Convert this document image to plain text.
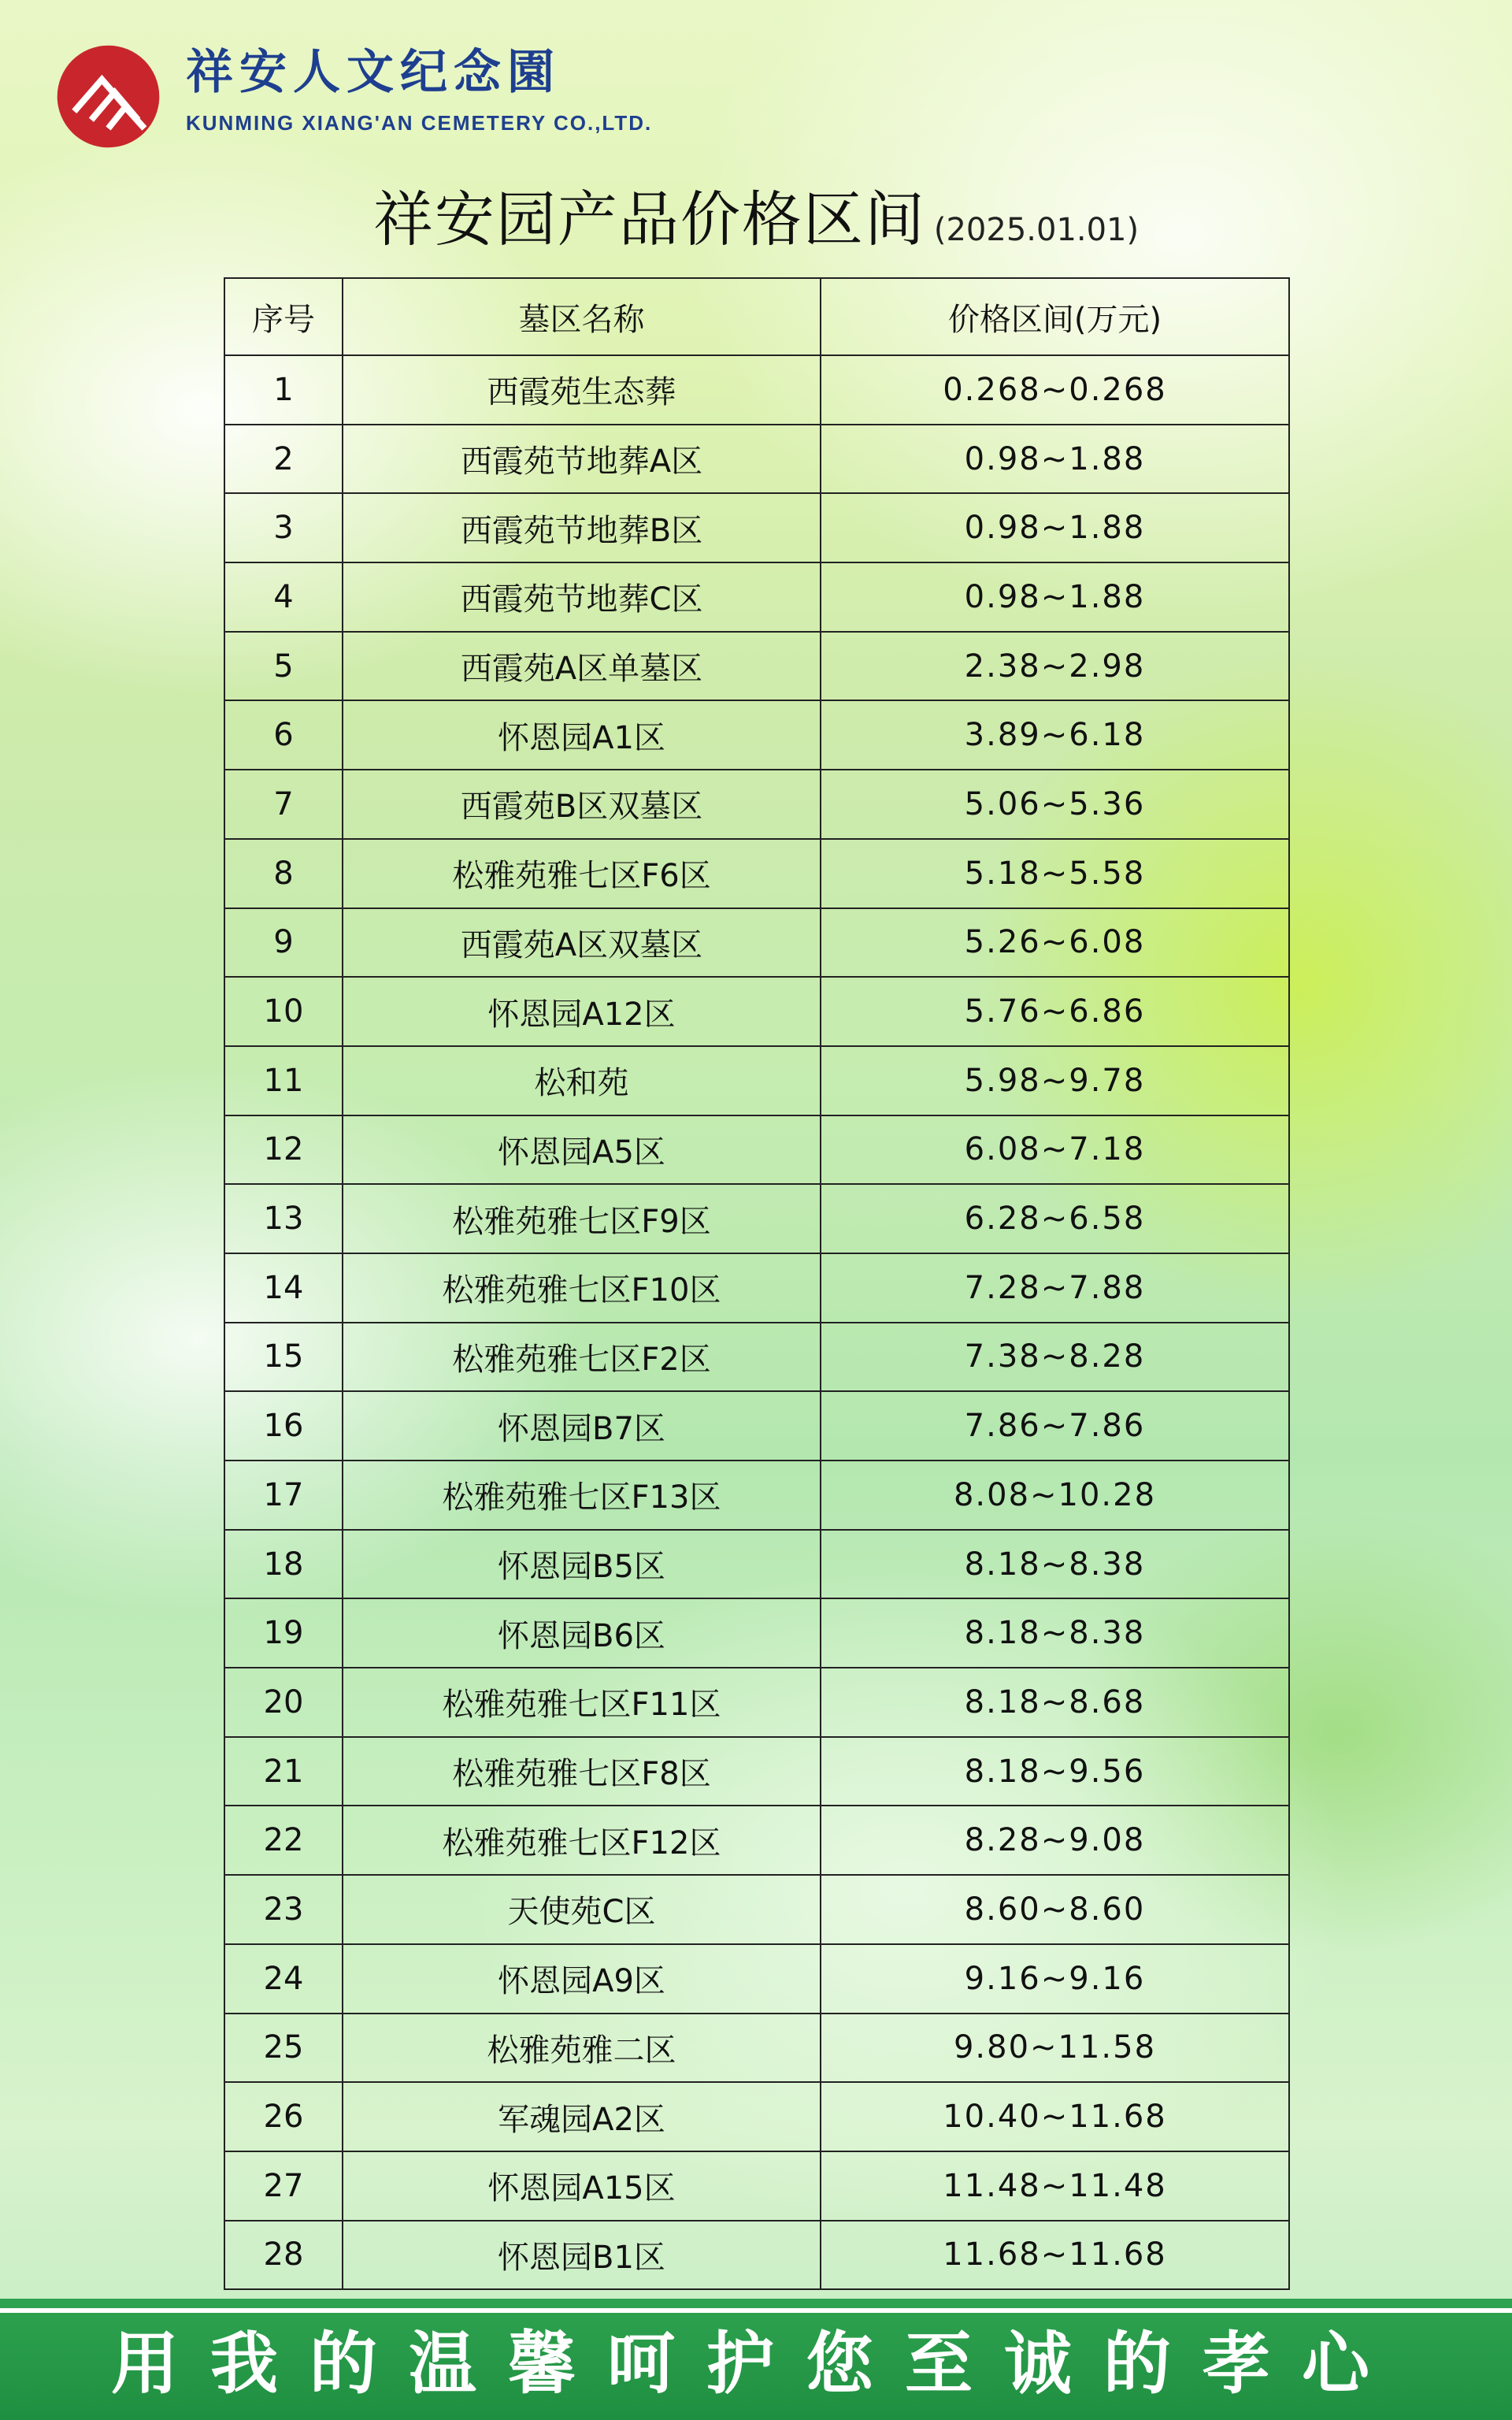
祥安人文纪念園
KUNMING XIANG'AN CEMETERY CO.,LTD.
祥安园产品价格区间 (2025.01.01)
序号	墓区名称	价格区间(万元)
1	西霞苑生态葬	0.268~0.268
2	西霞苑节地葬A区	0.98~1.88
3	西霞苑节地葬B区	0.98~1.88
4	西霞苑节地葬C区	0.98~1.88
5	西霞苑A区单墓区	2.38~2.98
6	怀恩园A1区	3.89~6.18
7	西霞苑B区双墓区	5.06~5.36
8	松雅苑雅七区F6区	5.18~5.58
9	西霞苑A区双墓区	5.26~6.08
10	怀恩园A12区	5.76~6.86
11	松和苑	5.98~9.78
12	怀恩园A5区	6.08~7.18
13	松雅苑雅七区F9区	6.28~6.58
14	松雅苑雅七区F10区	7.28~7.88
15	松雅苑雅七区F2区	7.38~8.28
16	怀恩园B7区	7.86~7.86
17	松雅苑雅七区F13区	8.08~10.28
18	怀恩园B5区	8.18~8.38
19	怀恩园B6区	8.18~8.38
20	松雅苑雅七区F11区	8.18~8.68
21	松雅苑雅七区F8区	8.18~9.56
22	松雅苑雅七区F12区	8.28~9.08
23	天使苑C区	8.60~8.60
24	怀恩园A9区	9.16~9.16
25	松雅苑雅二区	9.80~11.58
26	军魂园A2区	10.40~11.68
27	怀恩园A15区	11.48~11.48
28	怀恩园B1区	11.68~11.68
用我的温馨呵护您至诚的孝心
